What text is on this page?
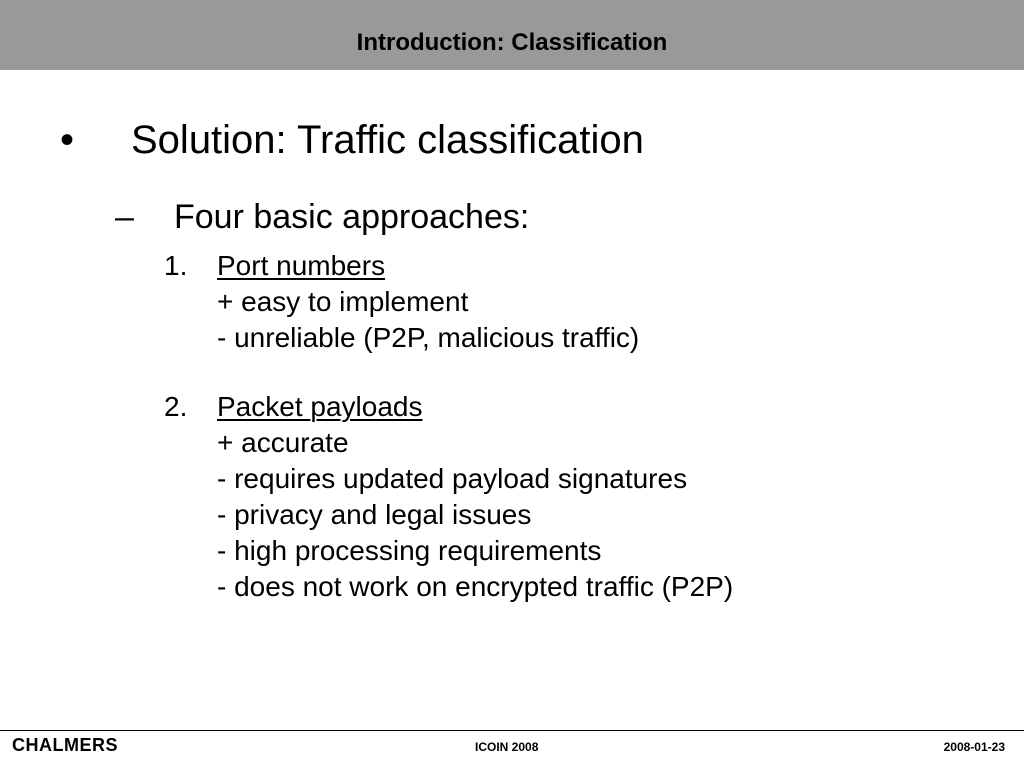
Introduction: Classification
• Solution: Traffic classification
– Four basic approaches:
1. Port numbers
+ easy to implement
- unreliable (P2P, malicious traffic)
2. Packet payloads
+ accurate
- requires updated payload signatures
- privacy and legal issues
- high processing requirements
- does not work on encrypted traffic (P2P)
CHALMERS	ICOIN 2008	2008-01-23
